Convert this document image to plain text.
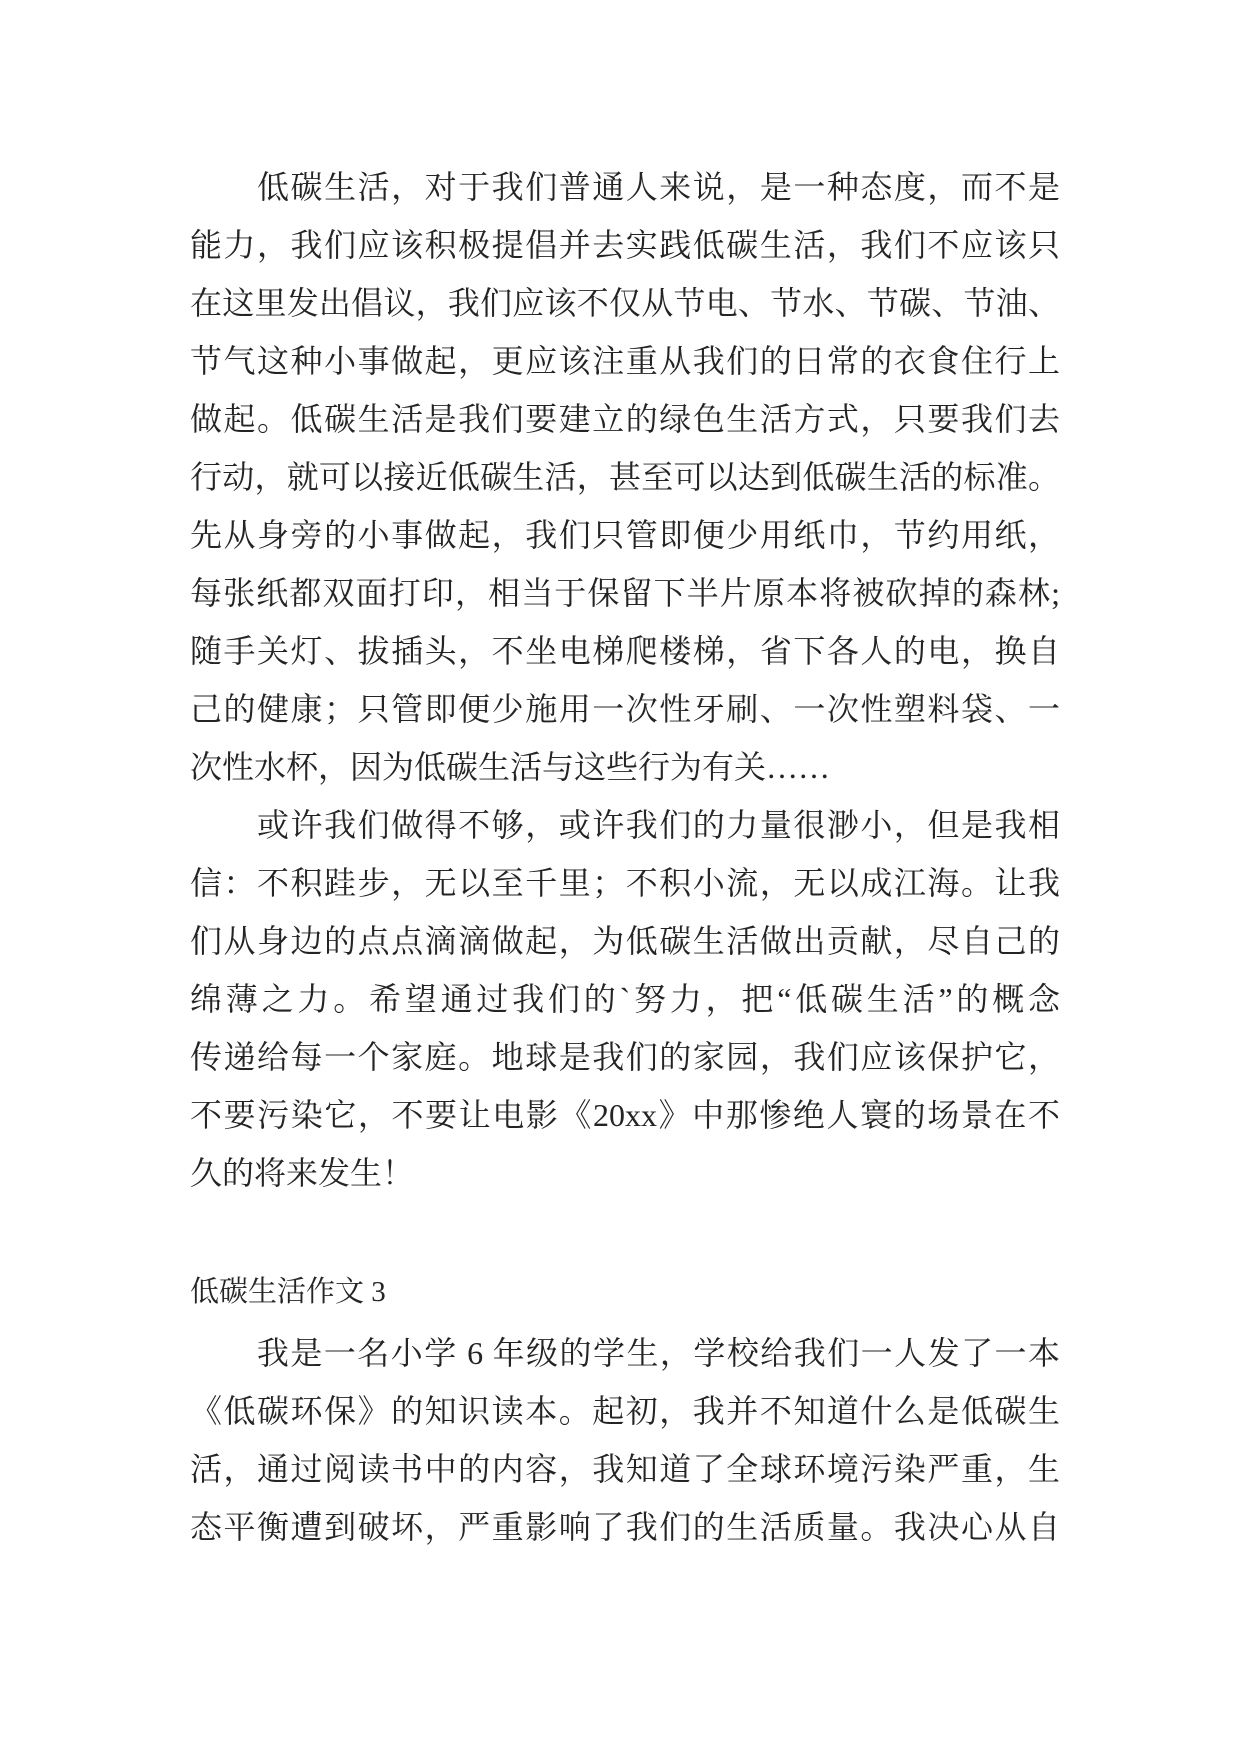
　　低碳生活，对于我们普通人来说，是一种态度，而不是
能力，我们应该积极提倡并去实践低碳生活，我们不应该只
在这里发出倡议，我们应该不仅从节电、节水、节碳、节油、
节气这种小事做起，更应该注重从我们的日常的衣食住行上
做起。低碳生活是我们要建立的绿色生活方式，只要我们去
行动，就可以接近低碳生活，甚至可以达到低碳生活的标准。
先从身旁的小事做起，我们只管即便少用纸巾，节约用纸，
每张纸都双面打印，相当于保留下半片原本将被砍掉的森林;
随手关灯、拔插头，不坐电梯爬楼梯，省下各人的电，换自
己的健康；只管即便少施用一次性牙刷、一次性塑料袋、一
次性水杯，因为低碳生活与这些行为有关……
　　或许我们做得不够，或许我们的力量很渺小，但是我相
信：不积跬步，无以至千里；不积小流，无以成江海。让我
们从身边的点点滴滴做起，为低碳生活做出贡献，尽自己的
绵薄之力。希望通过我们的`努力，把“低碳生活”的概念
传递给每一个家庭。地球是我们的家园，我们应该保护它，
不要污染它，不要让电影《20xx》中那惨绝人寰的场景在不
久的将来发生！
低碳生活作文 3
　　我是一名小学 6 年级的学生，学校给我们一人发了一本
《低碳环保》的知识读本。起初，我并不知道什么是低碳生
活，通过阅读书中的内容，我知道了全球环境污染严重，生
态平衡遭到破坏，严重影响了我们的生活质量。我决心从自
